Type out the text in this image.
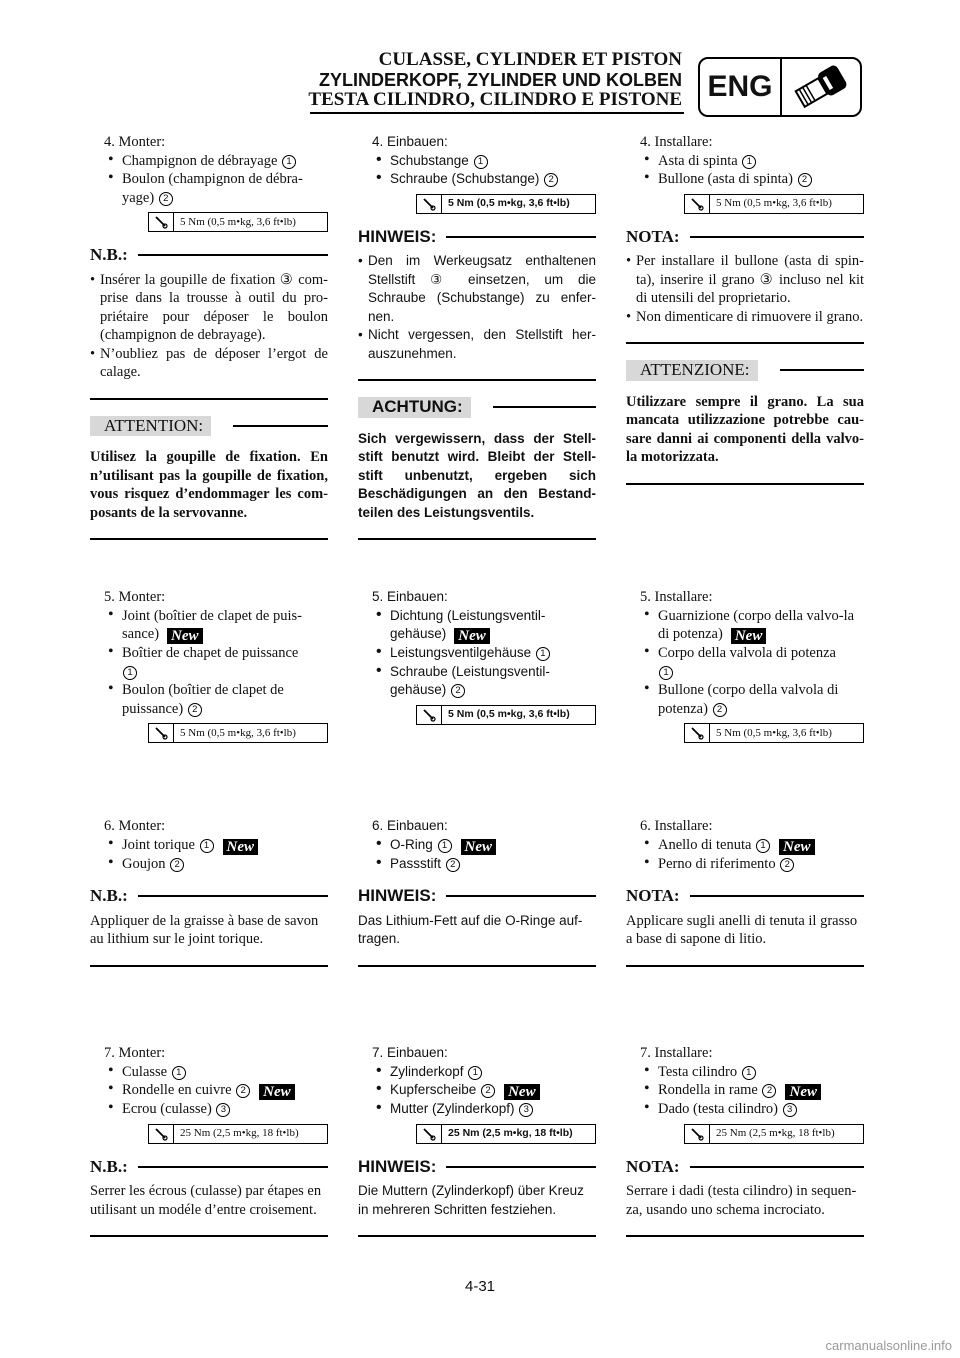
CULASSE, CYLINDER ET PISTON
ZYLINDERKOPF, ZYLINDER UND KOLBEN
TESTA CILINDRO, CILINDRO E PISTONE ENG
4. Monter:
• Champignon de débrayage 1
• Boulon (champignon de débra-yage) 2
5 Nm (0,5 m•kg, 3,6 ft•lb)
N.B.:
• Insérer la goupille de fixation ③ com-prise dans la trousse à outil du pro-priétaire pour déposer le boulon (champignon de debrayage).
• N’oubliez pas de déposer l’ergot de calage.
ATTENTION:
Utilisez la goupille de fixation. En n’utilisant pas la goupille de fixation, vous risquez d’endommager les com-posants de la servovanne.
5. Monter:
• Joint (boîtier de clapet de puis-sance) New
• Boîtier de chapet de puissance
1
• Boulon (boîtier de clapet de puissance) 2
5 Nm (0,5 m•kg, 3,6 ft•lb)
6. Monter:
• Joint torique 1 New
• Goujon 2
N.B.:
Appliquer de la graisse à base de savon au lithium sur le joint torique.
7. Monter:
• Culasse 1
• Rondelle en cuivre 2 New
• Ecrou (culasse) 3
25 Nm (2,5 m•kg, 18 ft•lb)
N.B.:
Serrer les écrous (culasse) par étapes en utilisant un modéle d’entre croisement.
4. Einbauen:
• Schubstange 1
• Schraube (Schubstange) 2
5 Nm (0,5 m•kg, 3,6 ft•lb)
HINWEIS:
• Den im Werkeugsatz enthaltenen Stellstift ③ einsetzen, um die Schraube (Schubstange) zu enfer-nen.
• Nicht vergessen, den Stellstift her-auszunehmen.
ACHTUNG:
Sich vergewissern, dass der Stell-stift benutzt wird. Bleibt der Stell-stift unbenutzt, ergeben sich Beschädigungen an den Bestand-teilen des Leistungsventils.
5. Einbauen:
• Dichtung (Leistungsventil-gehäuse) New
• Leistungsventilgehäuse 1
• Schraube (Leistungsventil-gehäuse) 2
5 Nm (0,5 m•kg, 3,6 ft•lb)
6. Einbauen:
• O-Ring 1 New
• Passstift 2
HINWEIS:
Das Lithium-Fett auf die O-Ringe auf-tragen.
7. Einbauen:
• Zylinderkopf 1
• Kupferscheibe 2 New
• Mutter (Zylinderkopf) 3
25 Nm (2,5 m•kg, 18 ft•lb)
HINWEIS:
Die Muttern (Zylinderkopf) über Kreuz in mehreren Schritten festziehen.
4. Installare:
• Asta di spinta 1
• Bullone (asta di spinta) 2
5 Nm (0,5 m•kg, 3,6 ft•lb)
NOTA:
• Per installare il bullone (asta di spin-ta), inserire il grano ③ incluso nel kit di utensili del proprietario.
• Non dimenticare di rimuovere il grano.
ATTENZIONE:
Utilizzare sempre il grano. La sua mancata utilizzazione potrebbe cau-sare danni ai componenti della valvo-la motorizzata.
5. Installare:
• Guarnizione (corpo della valvo-la di potenza) New
• Corpo della valvola di potenza
1
• Bullone (corpo della valvola di potenza) 2
5 Nm (0,5 m•kg, 3,6 ft•lb)
6. Installare:
• Anello di tenuta 1 New
• Perno di riferimento 2
NOTA:
Applicare sugli anelli di tenuta il grasso a base di sapone di litio.
7. Installare:
• Testa cilindro 1
• Rondella in rame 2 New
• Dado (testa cilindro) 3
25 Nm (2,5 m•kg, 18 ft•lb)
NOTA:
Serrare i dadi (testa cilindro) in sequen-za, usando uno schema incrociato.
4-31
carmanualsonline.info
